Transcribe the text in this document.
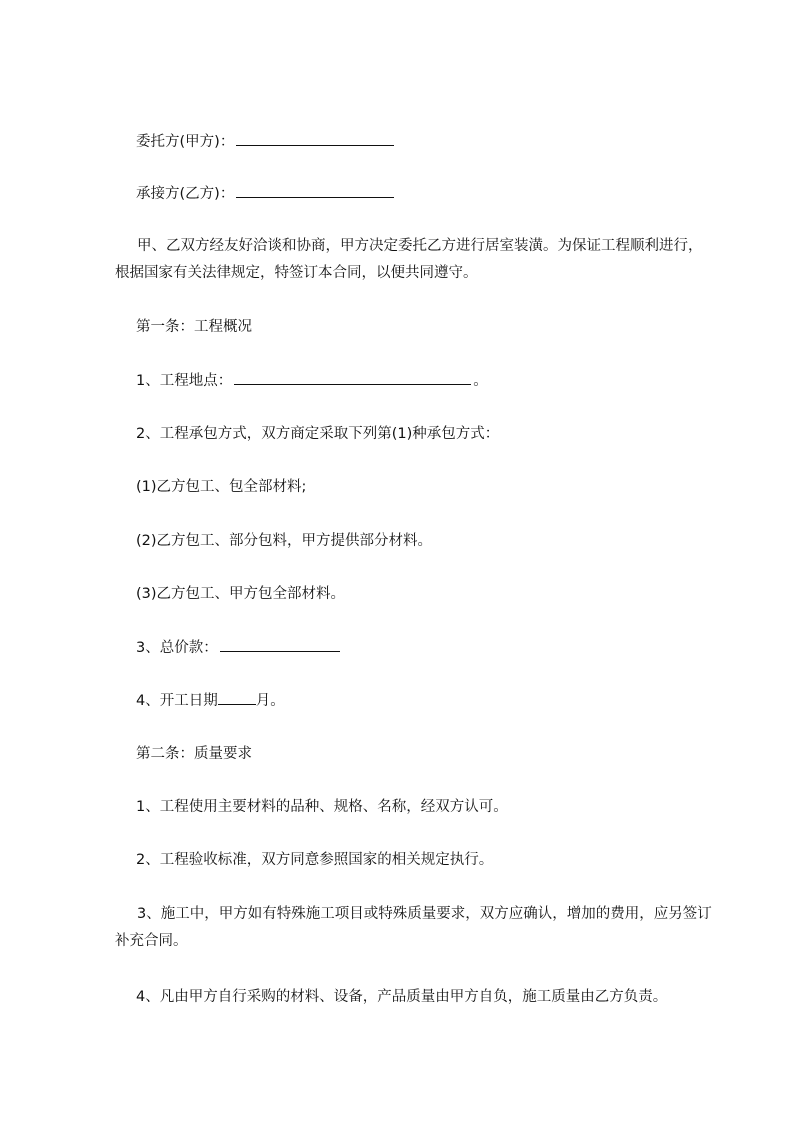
委托方(甲方)：
承接方(乙方)：
甲、乙双方经友好洽谈和协商，甲方决定委托乙方进行居室装潢。为保证工程顺利进行，根据国家有关法律规定，特签订本合同，以便共同遵守。
第一条：工程概况
1、工程地点：	。
2、工程承包方式，双方商定采取下列第(1)种承包方式：
(1)乙方包工、包全部材料;
(2)乙方包工、部分包料，甲方提供部分材料。
(3)乙方包工、甲方包全部材料。
3、总价款：
4、开工日期	月。
第二条：质量要求
1、工程使用主要材料的品种、规格、名称，经双方认可。
2、工程验收标准，双方同意参照国家的相关规定执行。
3、施工中，甲方如有特殊施工项目或特殊质量要求，双方应确认，增加的费用，应另签订补充合同。
4、凡由甲方自行采购的材料、设备，产品质量由甲方自负，施工质量由乙方负责。
